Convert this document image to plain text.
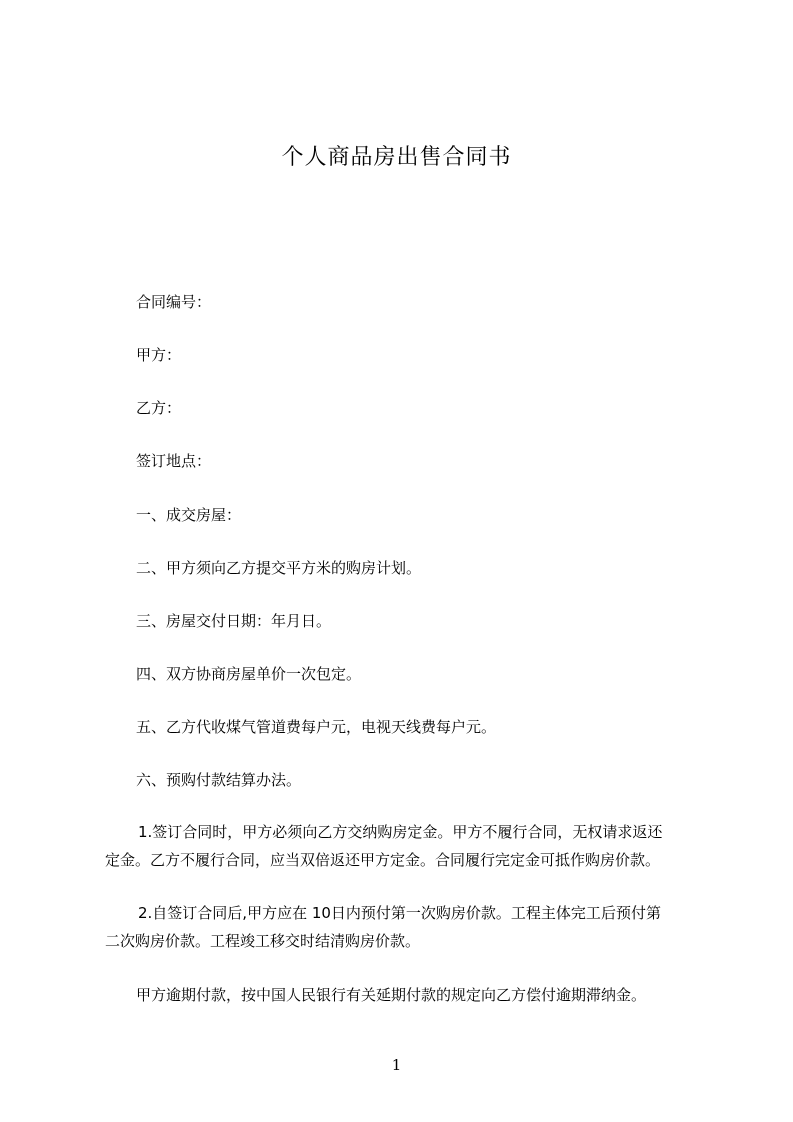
个人商品房出售合同书
合同编号：
甲方：
乙方：
签订地点：
一、成交房屋：
二、甲方须向乙方提交平方米的购房计划。
三、房屋交付日期：年月日。
四、双方协商房屋单价一次包定。
五、乙方代收煤气管道费每户元，电视天线费每户元。
六、预购付款结算办法。
1.签订合同时，甲方必须向乙方交纳购房定金。甲方不履行合同，无权请求返还
定金。乙方不履行合同，应当双倍返还甲方定金。合同履行完定金可抵作购房价款。
2.自签订合同后,甲方应在 10日内预付第一次购房价款。工程主体完工后预付第
二次购房价款。工程竣工移交时结清购房价款。
甲方逾期付款，按中国人民银行有关延期付款的规定向乙方偿付逾期滞纳金。
1
